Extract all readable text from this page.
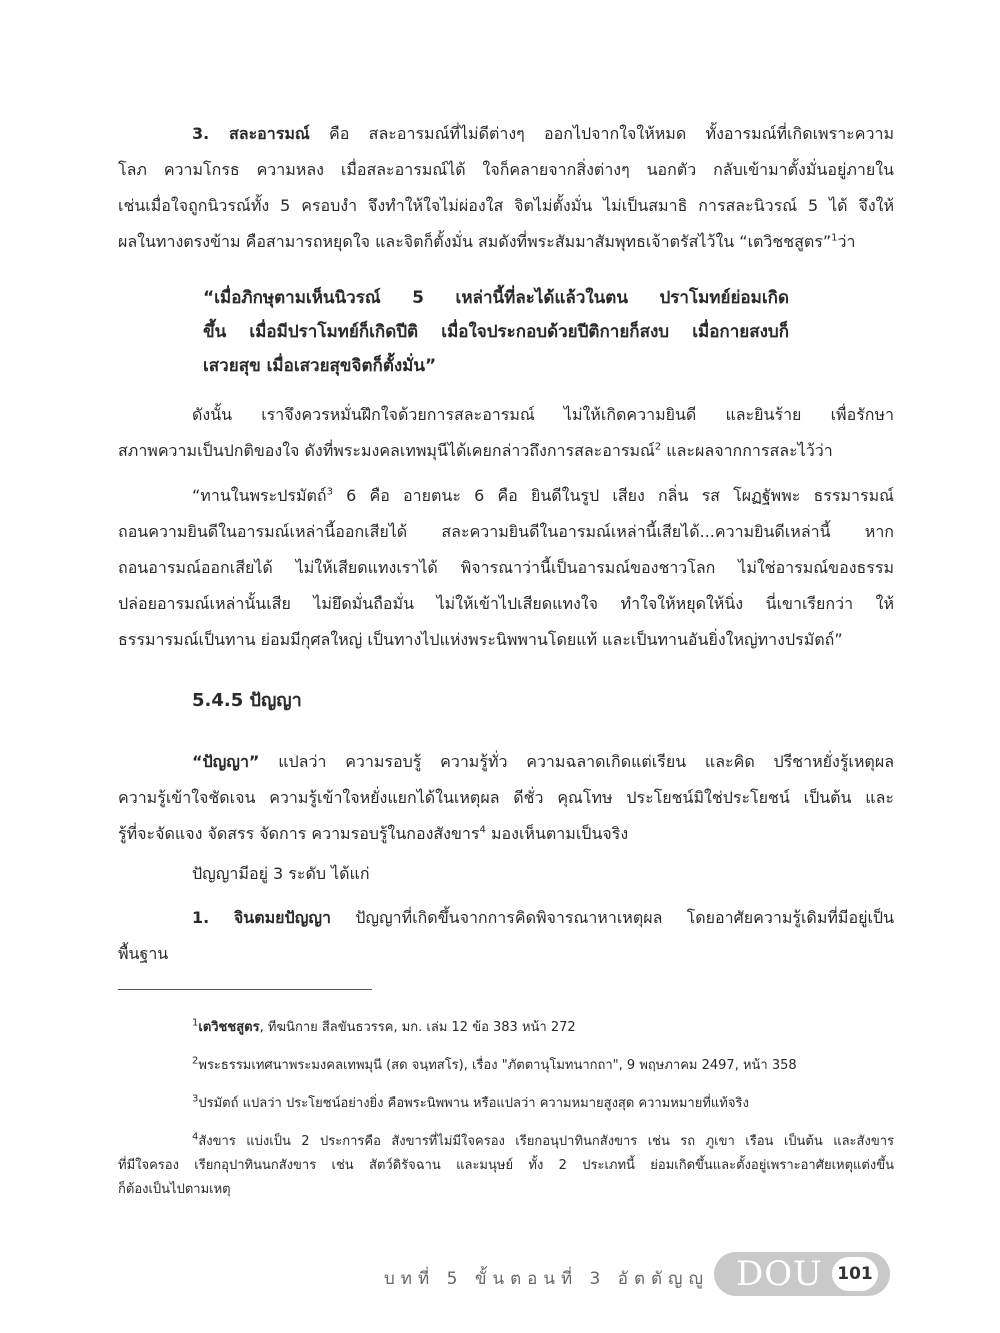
3. สละอารมณ์ คือ สละอารมณ์ที่ไม่ดีต่างๆ ออกไปจากใจให้หมด ทั้งอารมณ์ที่เกิดเพราะความ
โลภ ความโกรธ ความหลง เมื่อสละอารมณ์ได้ ใจก็คลายจากสิ่งต่างๆ นอกตัว กลับเข้ามาตั้งมั่นอยู่ภายใน
เช่นเมื่อใจถูกนิวรณ์ทั้ง 5 ครอบงำ จึงทำให้ใจไม่ผ่องใส จิตไม่ตั้งมั่น ไม่เป็นสมาธิ การสละนิวรณ์ 5 ได้ จึงให้
ผลในทางตรงข้าม คือสามารถหยุดใจ และจิตก็ตั้งมั่น สมดังที่พระสัมมาสัมพุทธเจ้าตรัสไว้ใน “เตวิชชสูตร”$^1$ว่า
“เมื่อภิกษุตามเห็นนิวรณ์ 5 เหล่านี้ที่ละได้แล้วในตน ปราโมทย์ย่อมเกิด
ขึ้น เมื่อมีปราโมทย์ก็เกิดปีติ เมื่อใจประกอบด้วยปีติกายก็สงบ เมื่อกายสงบก็
เสวยสุข เมื่อเสวยสุขจิตก็ตั้งมั่น”
ดังนั้น เราจึงควรหมั่นฝึกใจด้วยการสละอารมณ์ ไม่ให้เกิดความยินดี และยินร้าย เพื่อรักษา
สภาพความเป็นปกติของใจ ดังที่พระมงคลเทพมุนีได้เคยกล่าวถึงการสละอารมณ์$^2$ และผลจากการสละไว้ว่า
“ทานในพระปรมัตถ์$^3$ 6 คือ อายตนะ 6 คือ ยินดีในรูป เสียง กลิ่น รส โผฏฐัพพะ ธรรมารมณ์
ถอนความยินดีในอารมณ์เหล่านี้ออกเสียได้ สละความยินดีในอารมณ์เหล่านี้เสียได้...ความยินดีเหล่านี้ หาก
ถอนอารมณ์ออกเสียได้ ไม่ให้เสียดแทงเราได้ พิจารณาว่านี้เป็นอารมณ์ของชาวโลก ไม่ใช่อารมณ์ของธรรม
ปล่อยอารมณ์เหล่านั้นเสีย ไม่ยึดมั่นถือมั่น ไม่ให้เข้าไปเสียดแทงใจ ทำใจให้หยุดให้นิ่ง นี่เขาเรียกว่า ให้
ธรรมารมณ์เป็นทาน ย่อมมีกุศลใหญ่ เป็นทางไปแห่งพระนิพพานโดยแท้ และเป็นทานอันยิ่งใหญ่ทางปรมัตถ์”
5.4.5 ปัญญา
“ปัญญา” แปลว่า ความรอบรู้ ความรู้ทั่ว ความฉลาดเกิดแต่เรียน และคิด ปรีชาหยั่งรู้เหตุผล
ความรู้เข้าใจชัดเจน ความรู้เข้าใจหยั่งแยกได้ในเหตุผล ดีชั่ว คุณโทษ ประโยชน์มิใช่ประโยชน์ เป็นต้น และ
รู้ที่จะจัดแจง จัดสรร จัดการ ความรอบรู้ในกองสังขาร$^4$ มองเห็นตามเป็นจริง
ปัญญามีอยู่ 3 ระดับ ได้แก่
1. จินตมยปัญญา ปัญญาที่เกิดขึ้นจากการคิดพิจารณาหาเหตุผล โดยอาศัยความรู้เดิมที่มีอยู่เป็น
พื้นฐาน
$^1$เตวิชชสูตร, ทีฆนิกาย สีลขันธวรรค, มก. เล่ม 12 ข้อ 383 หน้า 272
$^2$พระธรรมเทศนาพระมงคลเทพมุนี (สด จนฺทสโร), เรื่อง "ภัตตานุโมทนากถา", 9 พฤษภาคม 2497, หน้า 358
$^3$ปรมัตถ์ แปลว่า ประโยชน์อย่างยิ่ง คือพระนิพพาน หรือแปลว่า ความหมายสูงสุด ความหมายที่แท้จริง
$^4$สังขาร แบ่งเป็น 2 ประการคือ สังขารที่ไม่มีใจครอง เรียกอนุปาทินกสังขาร เช่น รถ ภูเขา เรือน เป็นต้น และสังขาร
ที่มีใจครอง เรียกอุปาทินนกสังขาร เช่น สัตว์ดิรัจฉาน และมนุษย์ ทั้ง 2 ประเภทนี้ ย่อมเกิดขึ้นและตั้งอยู่เพราะอาศัยเหตุแต่งขึ้น
ก็ต้องเป็นไปตามเหตุ
บทที่ 5 ขั้นตอนที่ 3 อัตตัญญู DOU 101
